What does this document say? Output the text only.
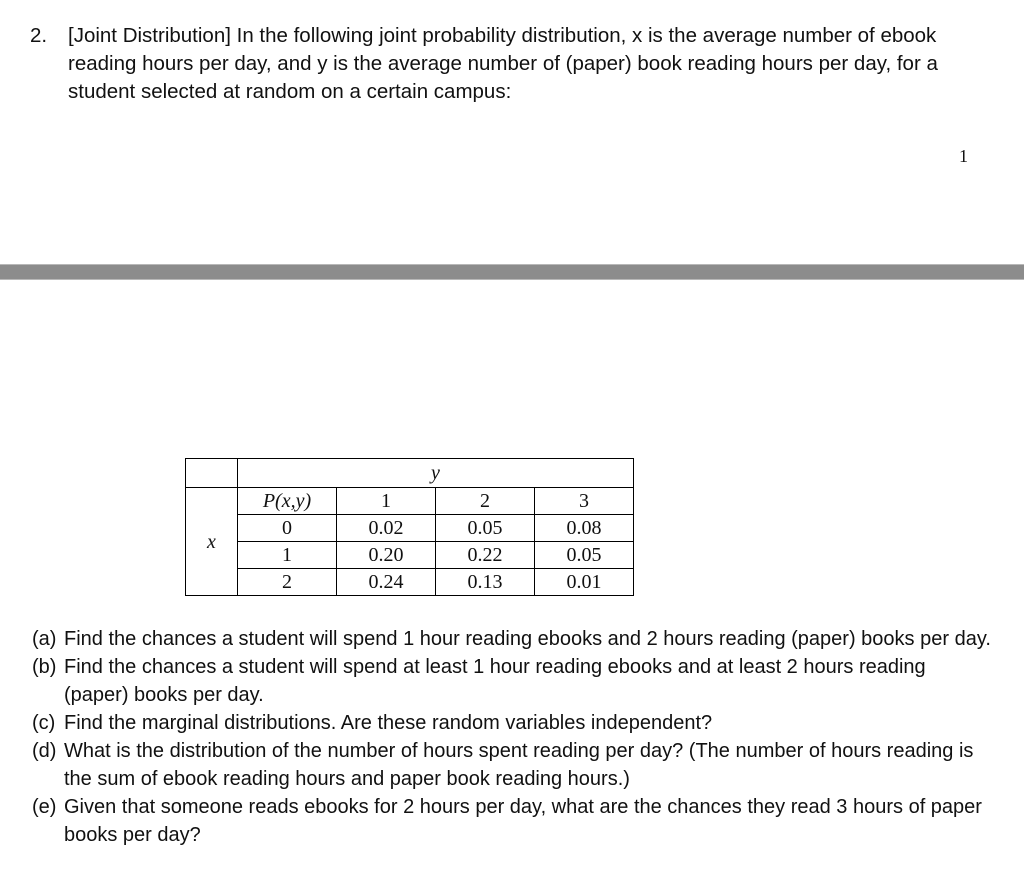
2. [Joint Distribution] In the following joint probability distribution, x is the average number of ebook reading hours per day, and y is the average number of (paper) book reading hours per day, for a student selected at random on a certain campus:
1
	y			
x	P(x,y)	1	2	3
	0	0.02	0.05	0.08
	1	0.20	0.22	0.05
	2	0.24	0.13	0.01
(a) Find the chances a student will spend 1 hour reading ebooks and 2 hours reading (paper) books per day.
(b) Find the chances a student will spend at least 1 hour reading ebooks and at least 2 hours reading (paper) books per day.
(c) Find the marginal distributions. Are these random variables independent?
(d) What is the distribution of the number of hours spent reading per day? (The number of hours reading is the sum of ebook reading hours and paper book reading hours.)
(e) Given that someone reads ebooks for 2 hours per day, what are the chances they read 3 hours of paper books per day?
